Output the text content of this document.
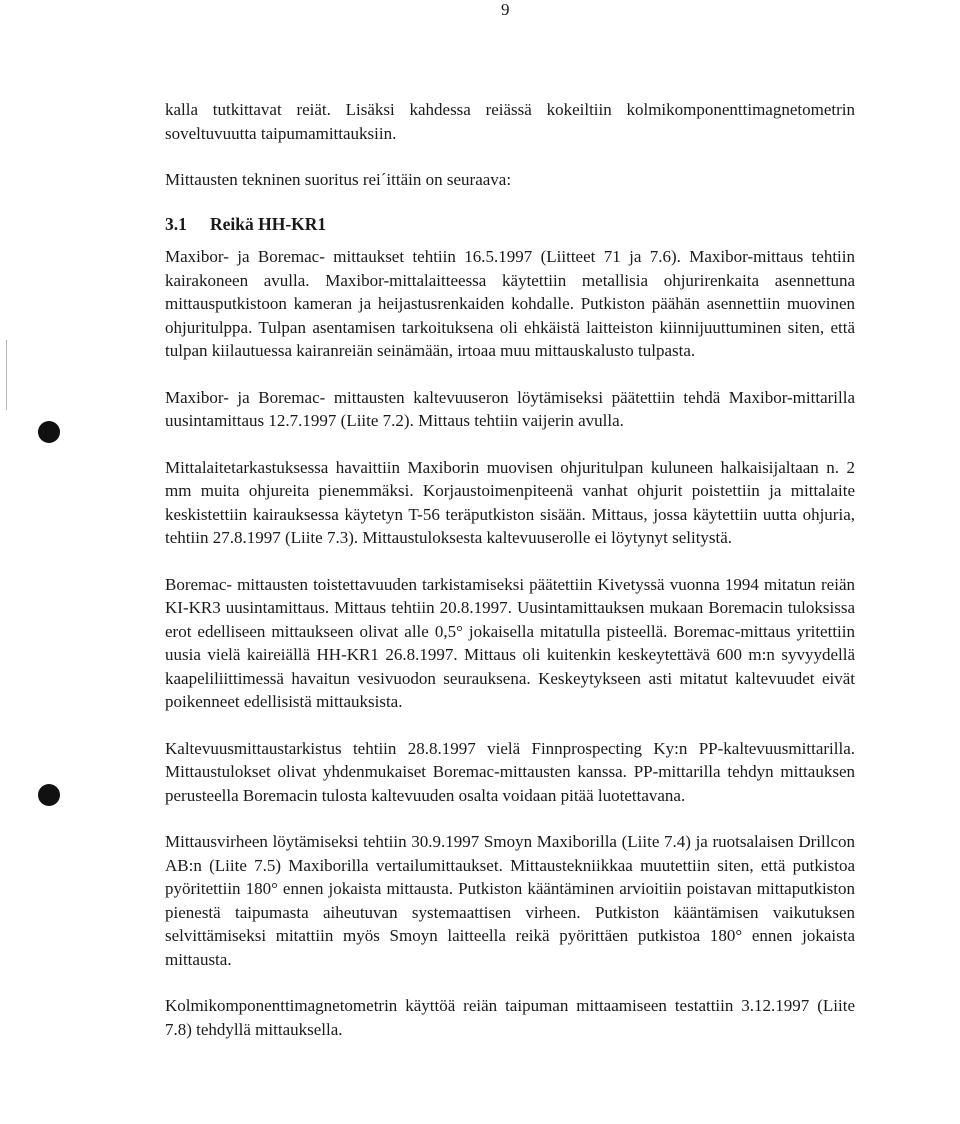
9

kalla tutkittavat reiät. Lisäksi kahdessa reiässä kokeiltiin kolmikomponenttimagnetometrin soveltuvuutta taipumamittauksiin.

Mittausten tekninen suoritus rei´ittäin on seuraava:

3.1 Reikä HH-KR1

Maxibor- ja Boremac- mittaukset tehtiin 16.5.1997 (Liitteet 71 ja 7.6). Maxibor-mittaus tehtiin kairakoneen avulla. Maxibor-mittalaitteessa käytettiin metallisia ohjurirenkaita asennettuna mittausputkistoon kameran ja heijastusrenkaiden kohdalle. Putkiston päähän asennettiin muovinen ohjuritulppa. Tulpan asentamisen tarkoituksena oli ehkäistä laitteiston kiinnijuuttuminen siten, että tulpan kiilautuessa kairanreiän seinämään, irtoaa muu mittauskalusto tulpasta.

Maxibor- ja Boremac- mittausten kaltevuuseron löytämiseksi päätettiin tehdä Maxibor-mittarilla uusintamittaus 12.7.1997 (Liite 7.2). Mittaus tehtiin vaijerin avulla.

Mittalaitetarkastuksessa havaittiin Maxiborin muovisen ohjuritulpan kuluneen halkaisijaltaan n. 2 mm muita ohjureita pienemmäksi. Korjaustoimenpiteenä vanhat ohjurit poistettiin ja mittalaite keskistettiin kairauksessa käytetyn T-56 teräputkiston sisään. Mittaus, jossa käytettiin uutta ohjuria, tehtiin 27.8.1997 (Liite 7.3). Mittaustuloksesta kaltevuuserolle ei löytynyt selitystä.

Boremac- mittausten toistettavuuden tarkistamiseksi päätettiin Kivetyssä vuonna 1994 mitatun reiän KI-KR3 uusintamittaus. Mittaus tehtiin 20.8.1997. Uusintamittauksen mukaan Boremacin tuloksissa erot edelliseen mittaukseen olivat alle 0,5° jokaisella mitatulla pisteellä. Boremac-mittaus yritettiin uusia vielä kaireiällä HH-KR1 26.8.1997. Mittaus oli kuitenkin keskeytettävä 600 m:n syvyydellä kaapeliliittimessä havaitun vesivuodon seurauksena. Keskeytykseen asti mitatut kaltevuudet eivät poikenneet edellisistä mittauksista.

Kaltevuusmittaustarkistus tehtiin 28.8.1997 vielä Finnprospecting Ky:n PP-kaltevuusmittarilla. Mittaustulokset olivat yhdenmukaiset Boremac-mittausten kanssa. PP-mittarilla tehdyn mittauksen perusteella Boremacin tulosta kaltevuuden osalta voidaan pitää luotettavana.

Mittausvirheen löytämiseksi tehtiin 30.9.1997 Smoyn Maxiborilla (Liite 7.4) ja ruotsalaisen Drillcon AB:n (Liite 7.5) Maxiborilla vertailumittaukset. Mittaustekniikkaa muutettiin siten, että putkistoa pyöritettiin 180° ennen jokaista mittausta. Putkiston kääntäminen arvioitiin poistavan mittaputkiston pienestä taipumasta aiheutuvan systemaattisen virheen. Putkiston kääntämisen vaikutuksen selvittämiseksi mitattiin myös Smoyn laitteella reikä pyörittäen putkistoa 180° ennen jokaista mittausta.

Kolmikomponenttimagnetometrin käyttöä reiän taipuman mittaamiseen testattiin 3.12.1997 (Liite 7.8) tehdyllä mittauksella.
